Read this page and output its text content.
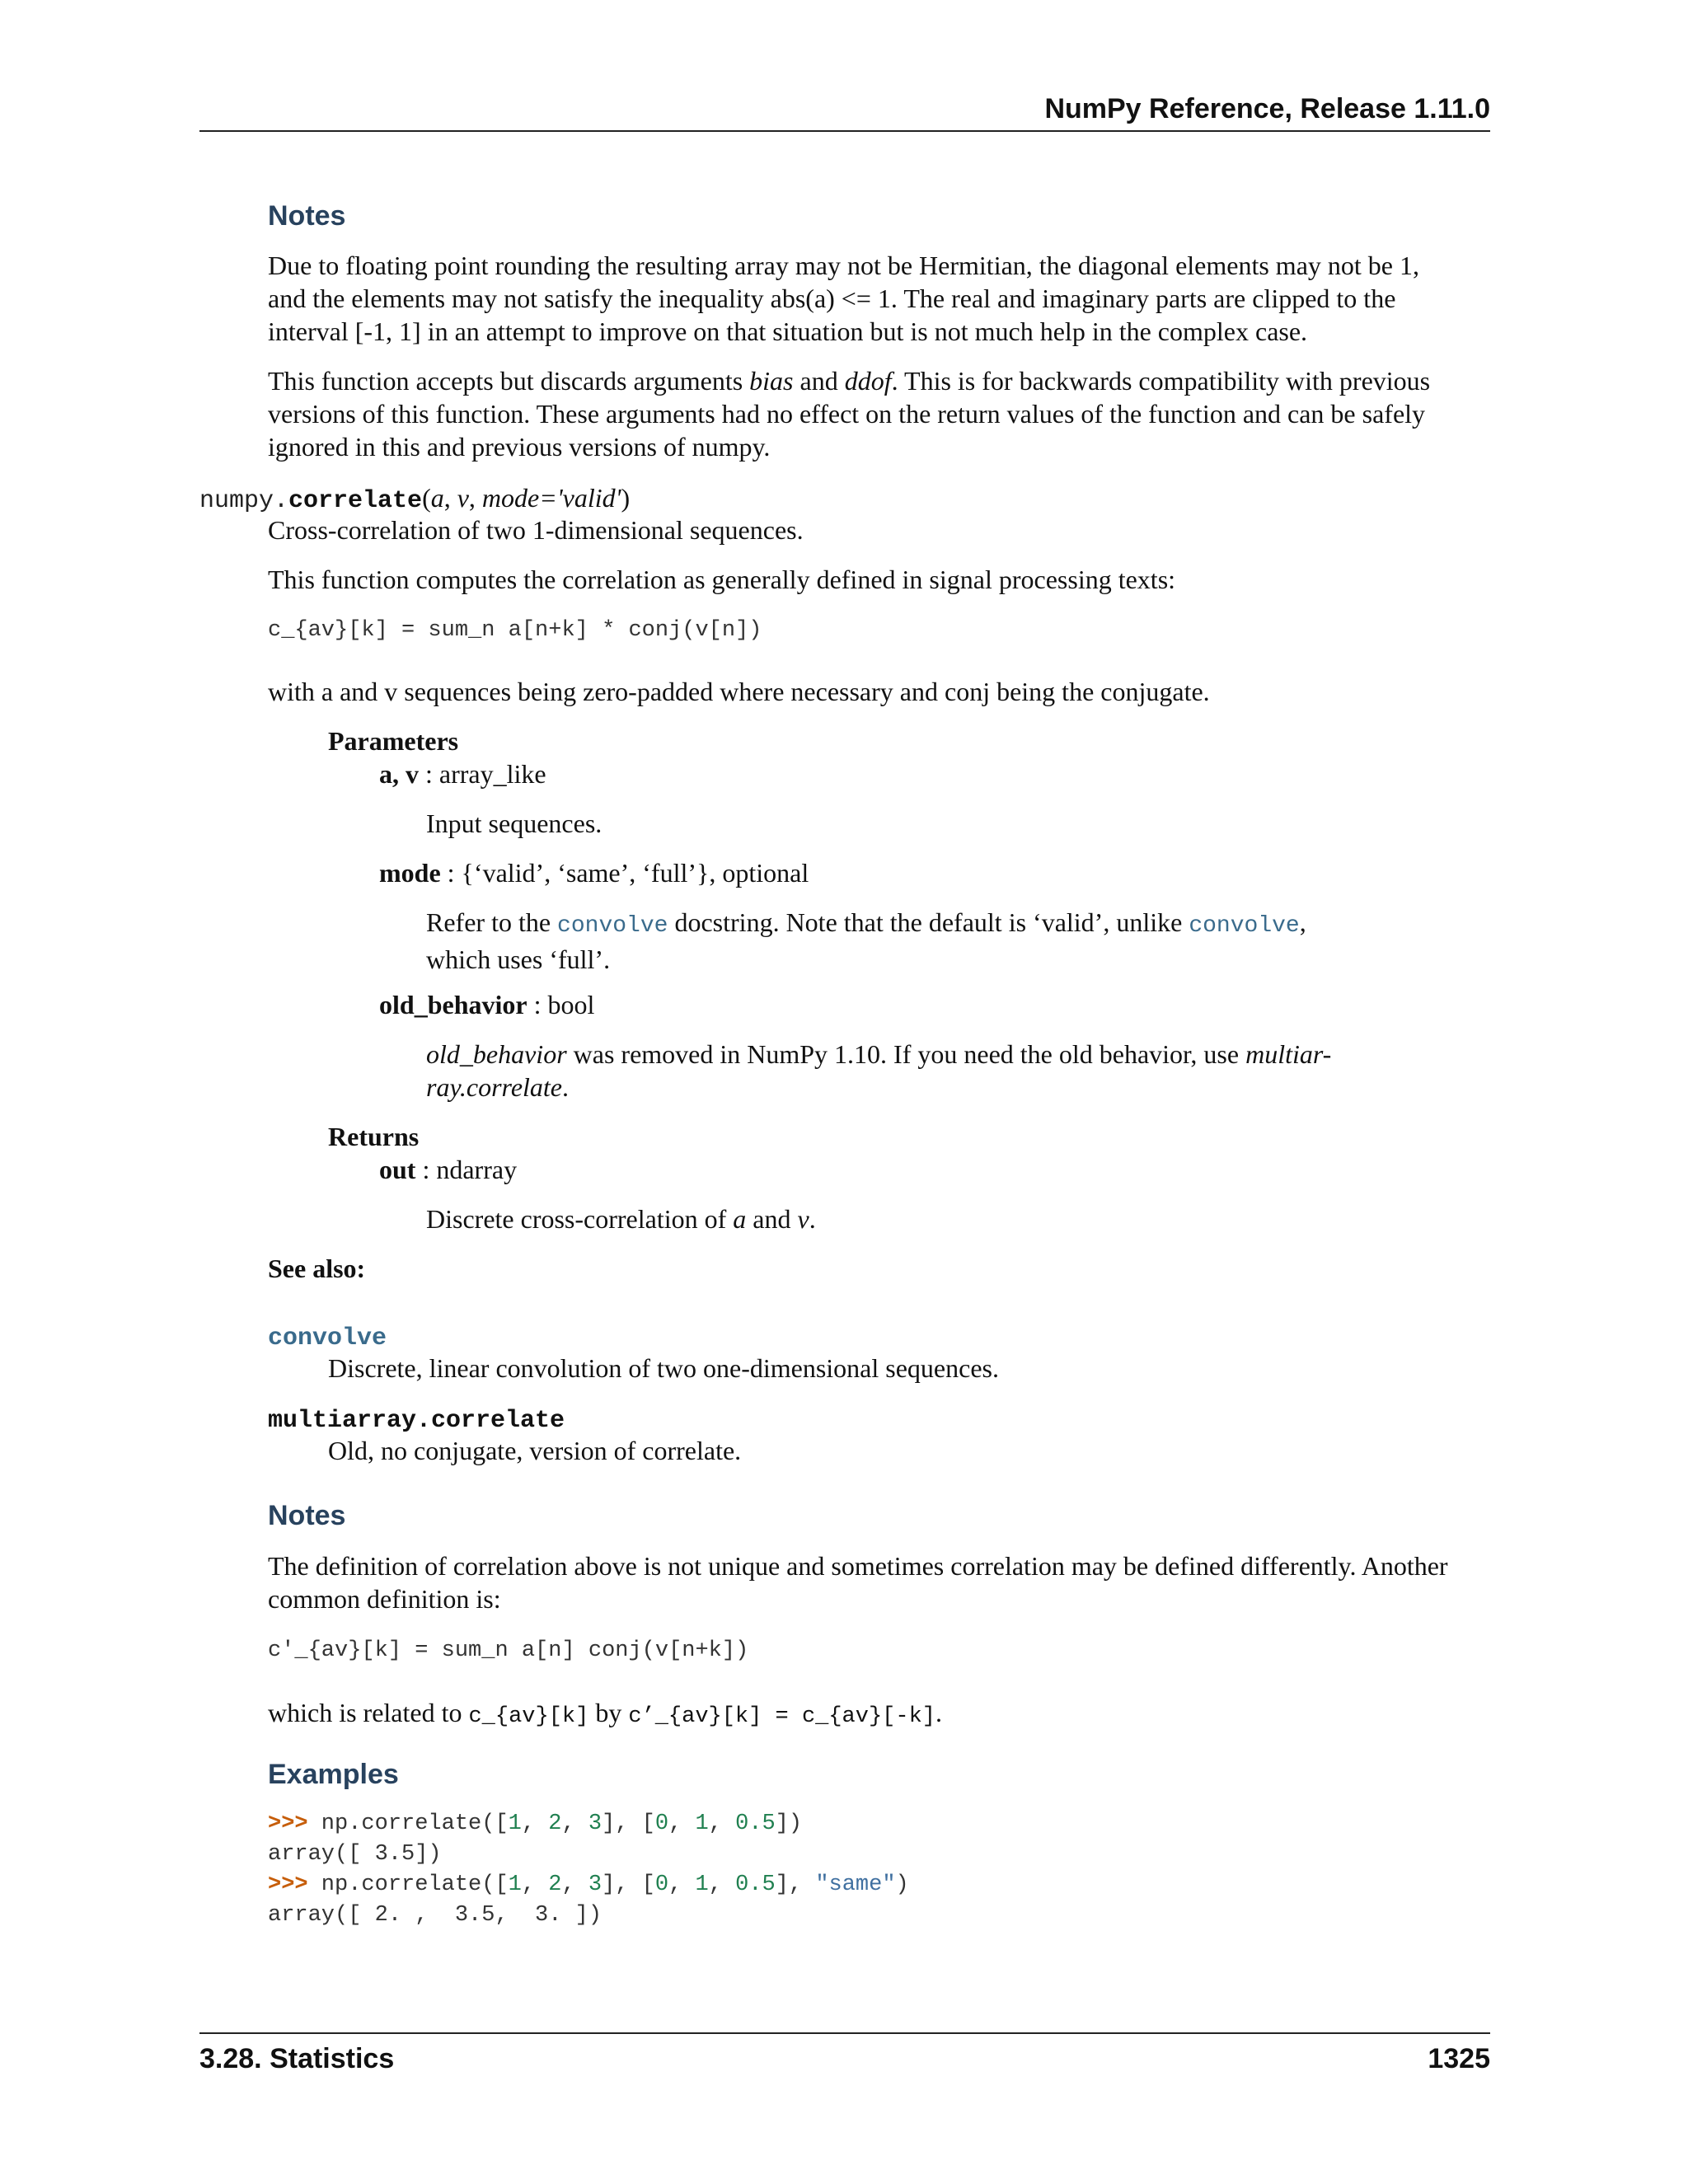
NumPy Reference, Release 1.11.0
Notes
Due to floating point rounding the resulting array may not be Hermitian, the diagonal elements may not be 1,
and the elements may not satisfy the inequality abs(a) <= 1. The real and imaginary parts are clipped to the
interval [-1, 1] in an attempt to improve on that situation but is not much help in the complex case.
This function accepts but discards arguments bias and ddof. This is for backwards compatibility with previous
versions of this function. These arguments had no effect on the return values of the function and can be safely
ignored in this and previous versions of numpy.
numpy.correlate(a, v, mode='valid')
Cross-correlation of two 1-dimensional sequences.
This function computes the correlation as generally defined in signal processing texts:
c_{av}[k] = sum_n a[n+k] * conj(v[n])
with a and v sequences being zero-padded where necessary and conj being the conjugate.
Parameters
a, v : array_like
Input sequences.
mode : {‘valid’, ‘same’, ‘full’}, optional
Refer to the convolve docstring. Note that the default is ‘valid’, unlike convolve,
which uses ‘full’.
old_behavior : bool
old_behavior was removed in NumPy 1.10. If you need the old behavior, use multiar-
ray.correlate.
Returns
out : ndarray
Discrete cross-correlation of a and v.
See also:
convolve
Discrete, linear convolution of two one-dimensional sequences.
multiarray.correlate
Old, no conjugate, version of correlate.
Notes
The definition of correlation above is not unique and sometimes correlation may be defined differently. Another
common definition is:
c'_{av}[k] = sum_n a[n] conj(v[n+k])
which is related to c_{av}[k] by c’_{av}[k] = c_{av}[-k].
Examples
>>> np.correlate([1, 2, 3], [0, 1, 0.5])
array([ 3.5])
>>> np.correlate([1, 2, 3], [0, 1, 0.5], "same")
array([ 2. ,  3.5,  3. ])
3.28. Statistics	1325
